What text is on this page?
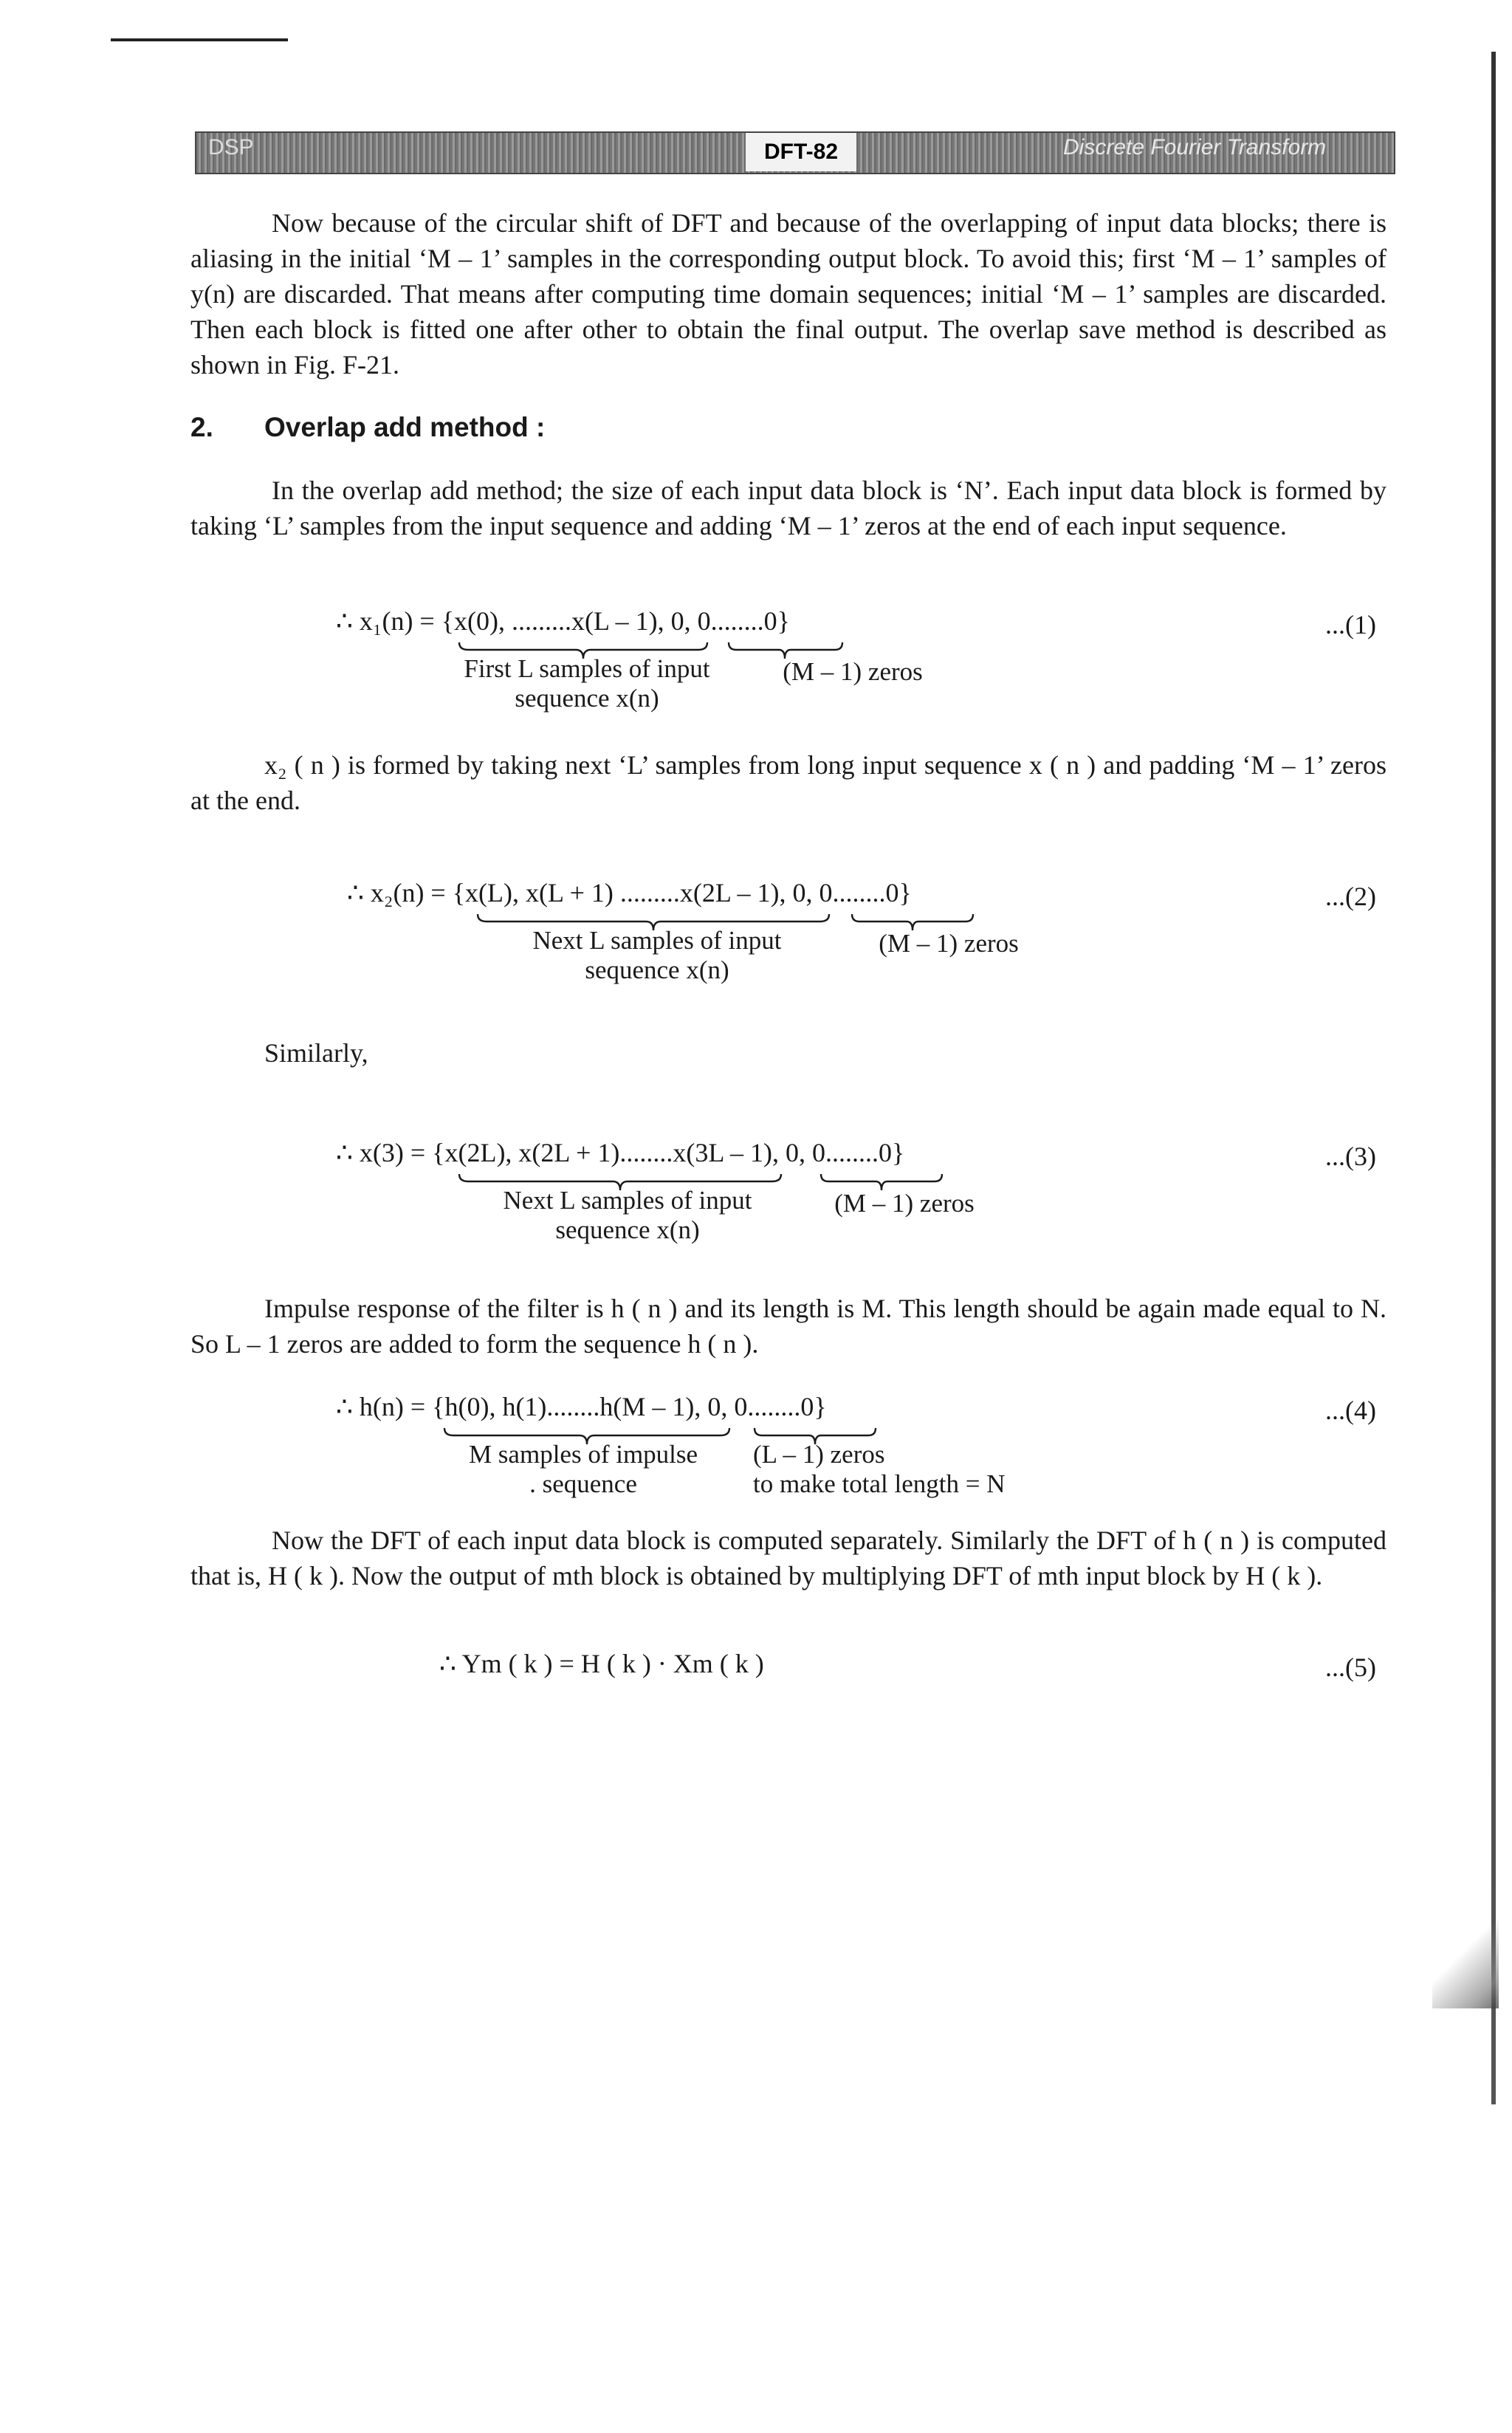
DSP	DFT-82	Discrete Fourier Transform
Now because of the circular shift of DFT and because of the overlapping of input data blocks; there is aliasing in the initial ‘M – 1’ samples in the corresponding output block. To avoid this; first ‘M – 1’ samples of y(n) are discarded. That means after computing time domain sequences; initial ‘M – 1’ samples are discarded. Then each block is fitted one after other to obtain the final output. The overlap save method is described as shown in Fig. F-21.
2. Overlap add method :
In the overlap add method; the size of each input data block is ‘N’. Each input data block is formed by taking ‘L’ samples from the input sequence and adding ‘M – 1’ zeros at the end of each input sequence.
∴ x₁(n) = {x(0), .........x(L – 1), 0, 0........0}	...(1)
First L samples of input
sequence x(n)
(M – 1) zeros
x₂ ( n ) is formed by taking next ‘L’ samples from long input sequence x ( n ) and padding ‘M – 1’ zeros at the end.
∴ x₂(n) = {x(L), x(L + 1) .........x(2L – 1), 0, 0........0}	...(2)
Next L samples of input
sequence x(n)
(M – 1) zeros
Similarly,
∴ x(3) = {x(2L), x(2L + 1)........x(3L – 1), 0, 0........0}	...(3)
Next L samples of input
sequence x(n)
(M – 1) zeros
Impulse response of the filter is h ( n ) and its length is M. This length should be again made equal to N. So L – 1 zeros are added to form the sequence h ( n ).
∴ h(n) = {h(0), h(1)........h(M – 1), 0, 0........0}	...(4)
M samples of impulse
. sequence
(L – 1) zeros
to make total length = N
Now the DFT of each input data block is computed separately. Similarly the DFT of h ( n ) is computed that is, H ( k ). Now the output of mth block is obtained by multiplying DFT of mth input block by H ( k ).
∴ Ym ( k ) = H ( k ) · Xm ( k )	...(5)
